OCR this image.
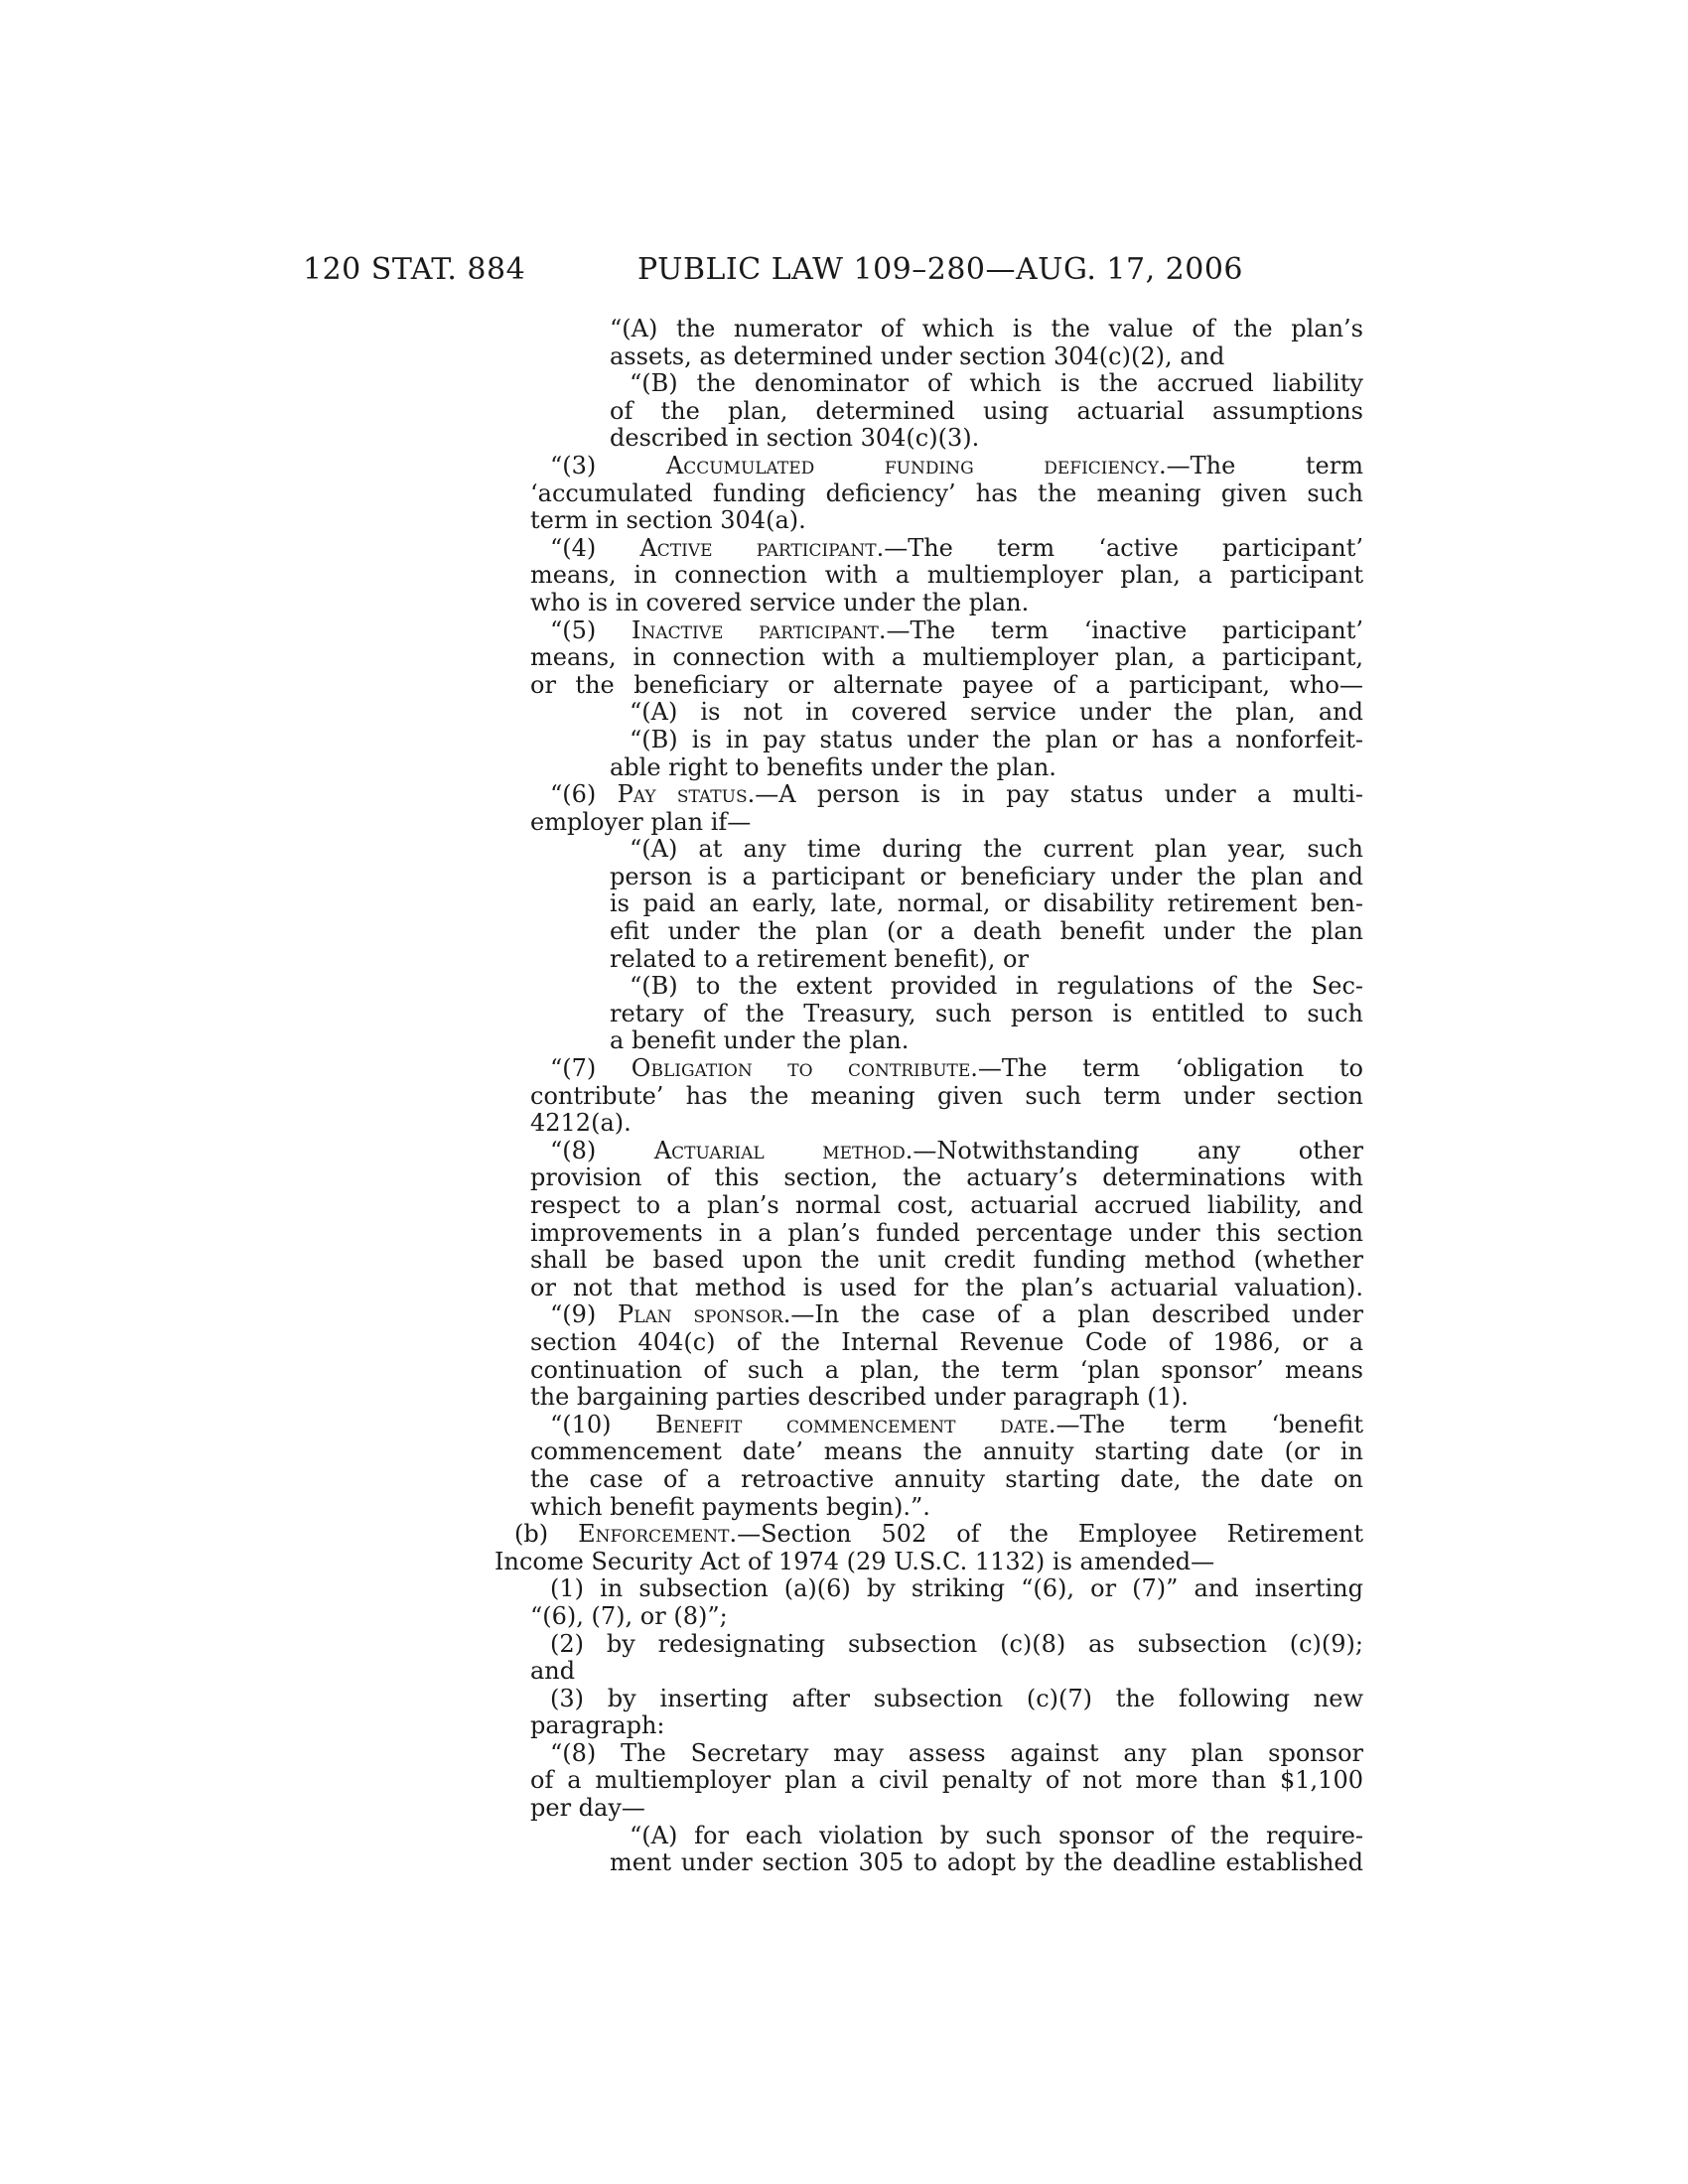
120 STAT. 884	PUBLIC LAW 109–280—AUG. 17, 2006
“(A) the numerator of which is the value of the plan’s
assets, as determined under section 304(c)(2), and
“(B) the denominator of which is the accrued liability
of the plan, determined using actuarial assumptions
described in section 304(c)(3).
“(3) Accumulated funding deficiency.—The term
‘accumulated funding deficiency’ has the meaning given such
term in section 304(a).
“(4) Active participant.—The term ‘active participant’
means, in connection with a multiemployer plan, a participant
who is in covered service under the plan.
“(5) Inactive participant.—The term ‘inactive participant’
means, in connection with a multiemployer plan, a participant,
or the beneficiary or alternate payee of a participant, who—
“(A) is not in covered service under the plan, and
“(B) is in pay status under the plan or has a nonforfeit-
able right to benefits under the plan.
“(6) Pay status.—A person is in pay status under a multi-
employer plan if—
“(A) at any time during the current plan year, such
person is a participant or beneficiary under the plan and
is paid an early, late, normal, or disability retirement ben-
efit under the plan (or a death benefit under the plan
related to a retirement benefit), or
“(B) to the extent provided in regulations of the Sec-
retary of the Treasury, such person is entitled to such
a benefit under the plan.
“(7) Obligation to contribute.—The term ‘obligation to
contribute’ has the meaning given such term under section
4212(a).
“(8) Actuarial method.—Notwithstanding any other
provision of this section, the actuary’s determinations with
respect to a plan’s normal cost, actuarial accrued liability, and
improvements in a plan’s funded percentage under this section
shall be based upon the unit credit funding method (whether
or not that method is used for the plan’s actuarial valuation).
“(9) Plan sponsor.—In the case of a plan described under
section 404(c) of the Internal Revenue Code of 1986, or a
continuation of such a plan, the term ‘plan sponsor’ means
the bargaining parties described under paragraph (1).
“(10) Benefit commencement date.—The term ‘benefit
commencement date’ means the annuity starting date (or in
the case of a retroactive annuity starting date, the date on
which benefit payments begin).”.
(b) Enforcement.—Section 502 of the Employee Retirement
Income Security Act of 1974 (29 U.S.C. 1132) is amended—
(1) in subsection (a)(6) by striking “(6), or (7)” and inserting
“(6), (7), or (8)”;
(2) by redesignating subsection (c)(8) as subsection (c)(9);
and
(3) by inserting after subsection (c)(7) the following new
paragraph:
“(8) The Secretary may assess against any plan sponsor
of a multiemployer plan a civil penalty of not more than $1,100
per day—
“(A) for each violation by such sponsor of the require-
ment under section 305 to adopt by the deadline established
